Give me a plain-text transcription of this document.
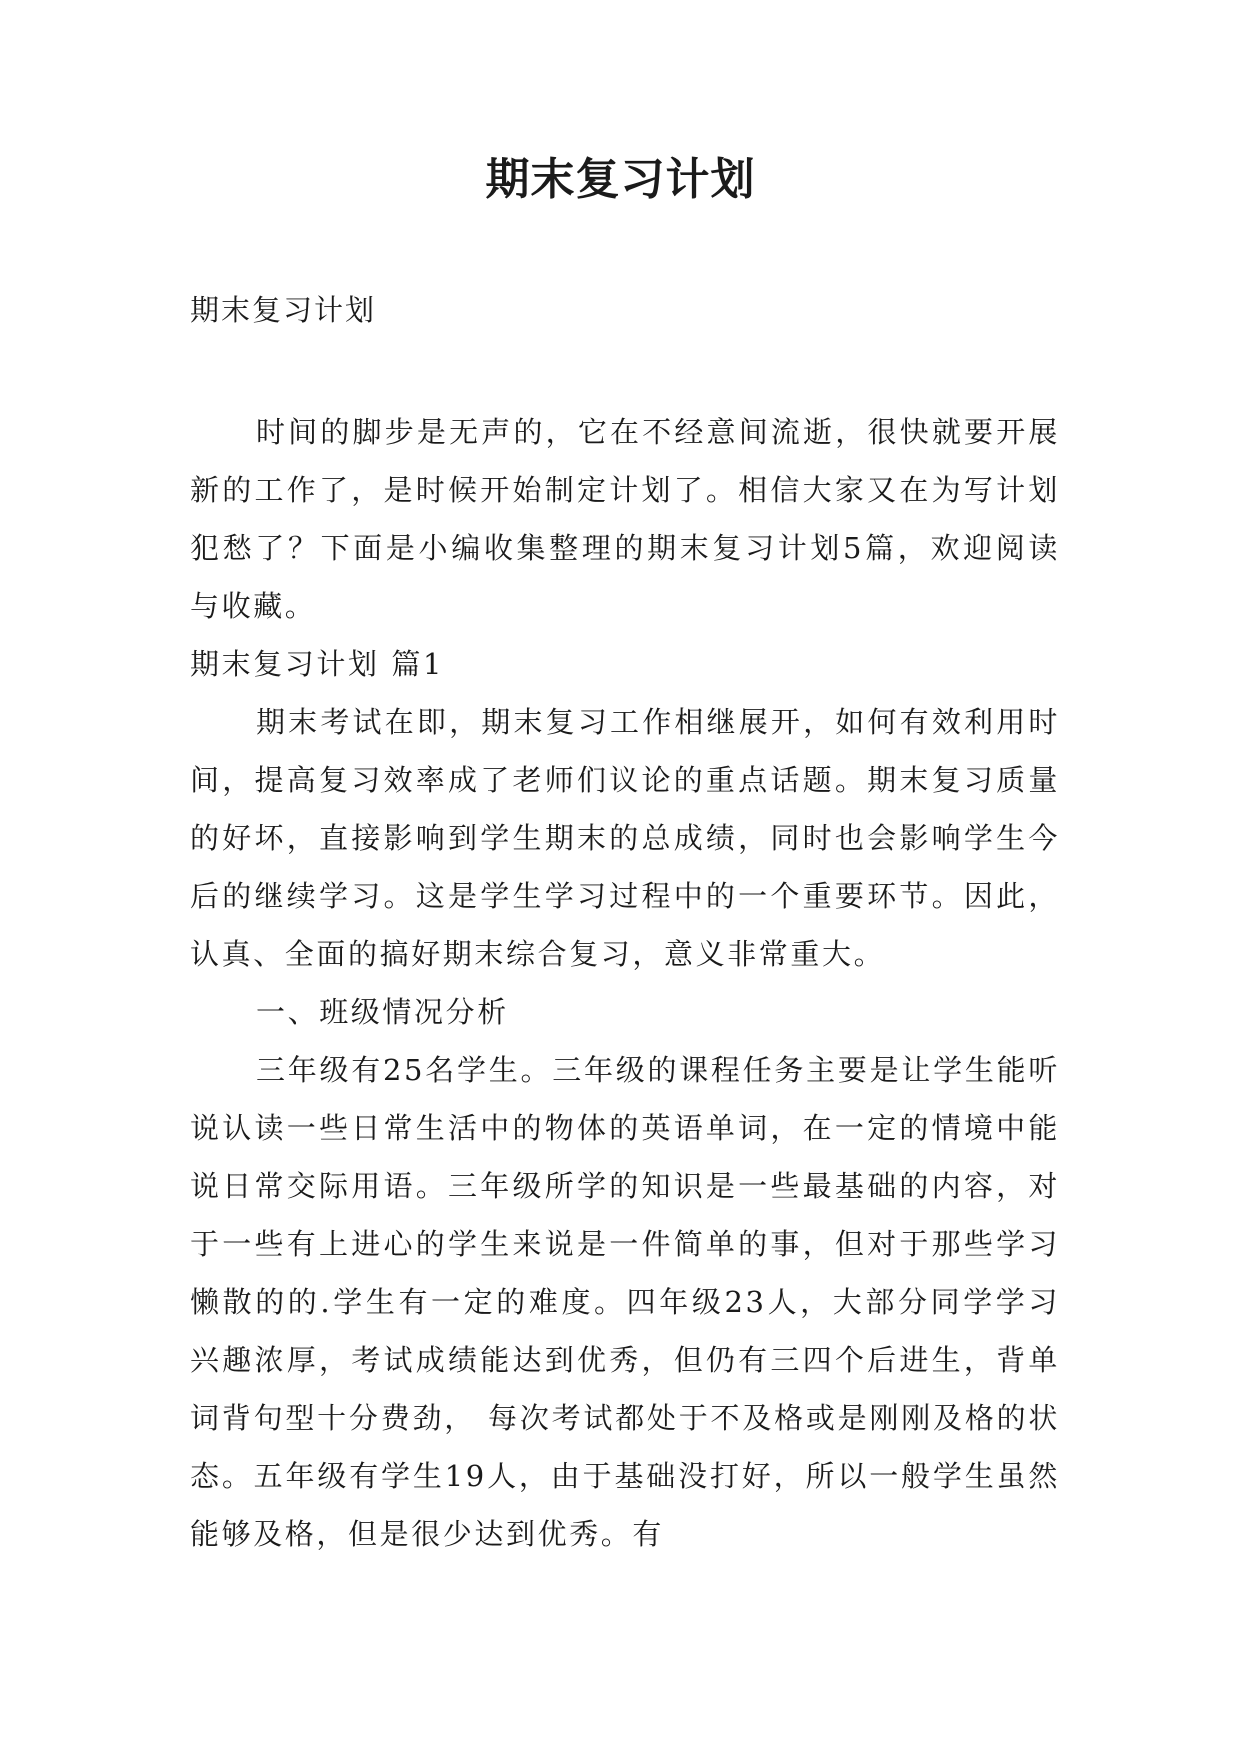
期末复习计划
期末复习计划

时间的脚步是无声的，它在不经意间流逝，很快就要开展新的工作了，是时候开始制定计划了。相信大家又在为写计划犯愁了？下面是小编收集整理的期末复习计划5篇，欢迎阅读与收藏。

期末复习计划 篇1

期末考试在即，期末复习工作相继展开，如何有效利用时间，提高复习效率成了老师们议论的重点话题。期末复习质量的好坏，直接影响到学生期末的总成绩，同时也会影响学生今后的继续学习。这是学生学习过程中的一个重要环节。因此，认真、全面的搞好期末综合复习，意义非常重大。

一、班级情况分析

三年级有25名学生。三年级的课程任务主要是让学生能听说认读一些日常生活中的物体的英语单词，在一定的情境中能说日常交际用语。三年级所学的知识是一些最基础的内容，对于一些有上进心的学生来说是一件简单的事，但对于那些学习懒散的的.学生有一定的难度。四年级23人，大部分同学学习兴趣浓厚，考试成绩能达到优秀，但仍有三四个后进生，背单词背句型十分费劲， 每次考试都处于不及格或是刚刚及格的状态。五年级有学生19人，由于基础没打好，所以一般学生虽然能够及格，但是很少达到优秀。有
